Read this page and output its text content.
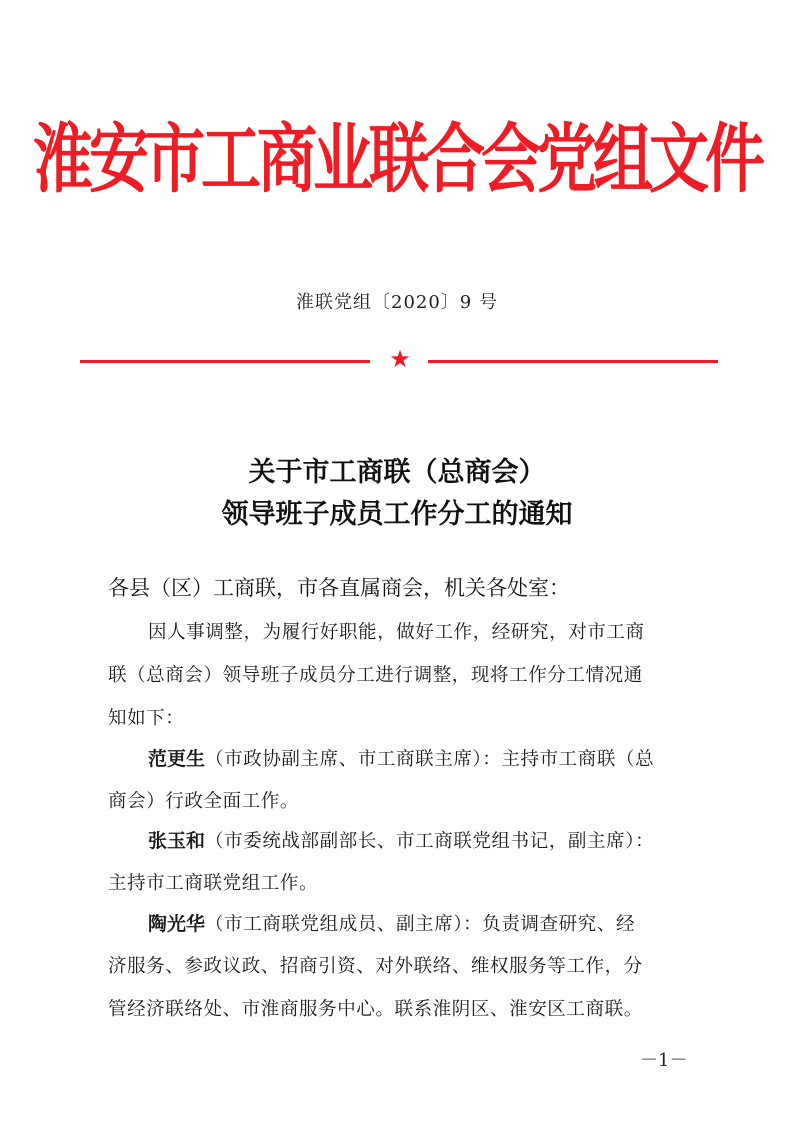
淮安市工商业联合会党组文件
淮联党组〔2020〕9 号
★
关于市工商联（总商会）
领导班子成员工作分工的通知
各县（区）工商联，市各直属商会，机关各处室：
因人事调整，为履行好职能，做好工作，经研究，对市工商
联（总商会）领导班子成员分工进行调整，现将工作分工情况通
知如下：
范更生（市政协副主席、市工商联主席）：主持市工商联（总
商会）行政全面工作。
张玉和（市委统战部副部长、市工商联党组书记，副主席）：
主持市工商联党组工作。
陶光华（市工商联党组成员、副主席）：负责调查研究、经
济服务、参政议政、招商引资、对外联络、维权服务等工作，分
管经济联络处、市淮商服务中心。联系淮阴区、淮安区工商联。
－1－
